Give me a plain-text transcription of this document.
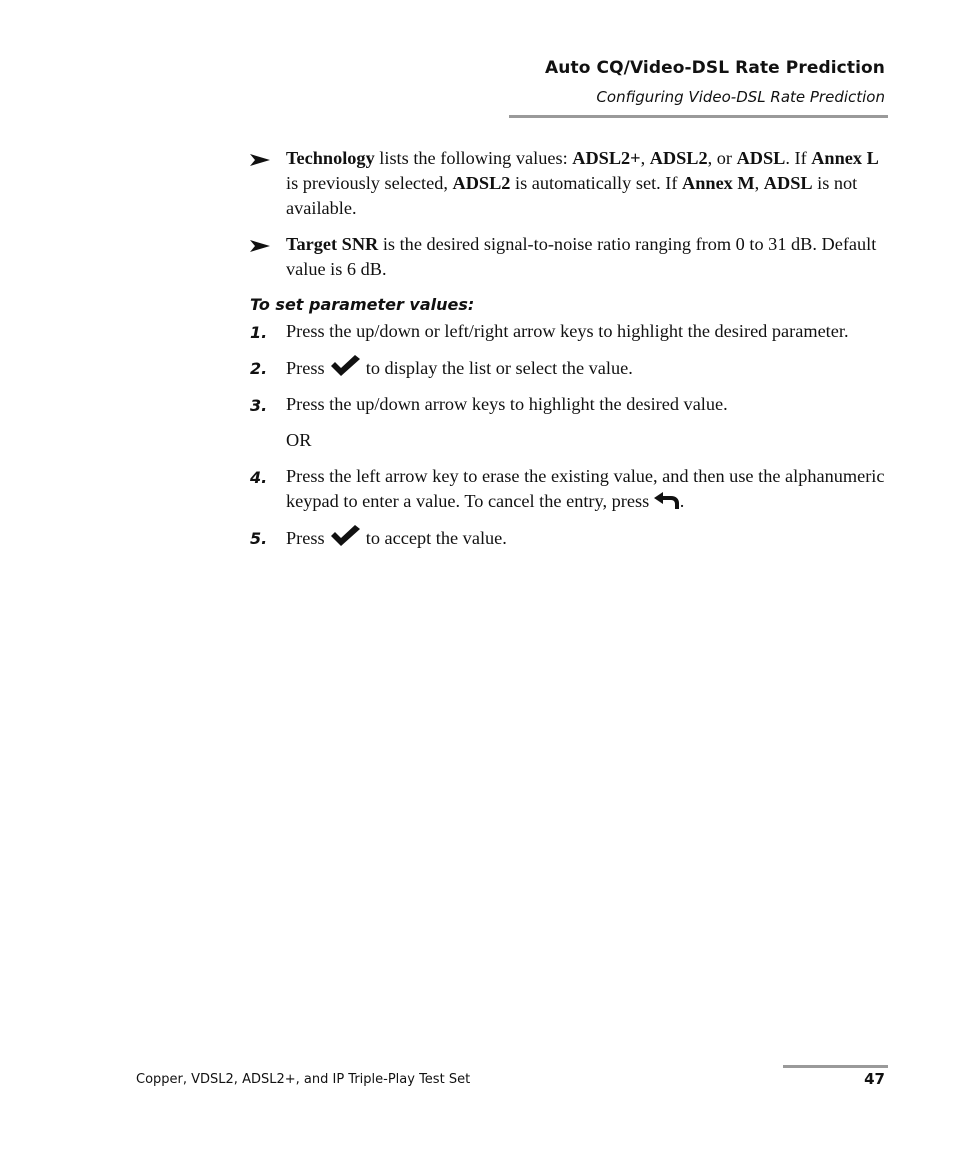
Auto CQ/Video-DSL Rate Prediction
Configuring Video-DSL Rate Prediction
Technology lists the following values: ADSL2+, ADSL2, or ADSL. If Annex L is previously selected, ADSL2 is automatically set. If Annex M, ADSL is not available.
Target SNR is the desired signal-to-noise ratio ranging from 0 to 31 dB. Default value is 6 dB.
To set parameter values:
1. Press the up/down or left/right arrow keys to highlight the desired parameter.
2. Press  to display the list or select the value.
3. Press the up/down arrow keys to highlight the desired value.
OR
4. Press the left arrow key to erase the existing value, and then use the alphanumeric keypad to enter a value. To cancel the entry, press .
5. Press  to accept the value.
Copper, VDSL2, ADSL2+, and IP Triple-Play Test Set	47
